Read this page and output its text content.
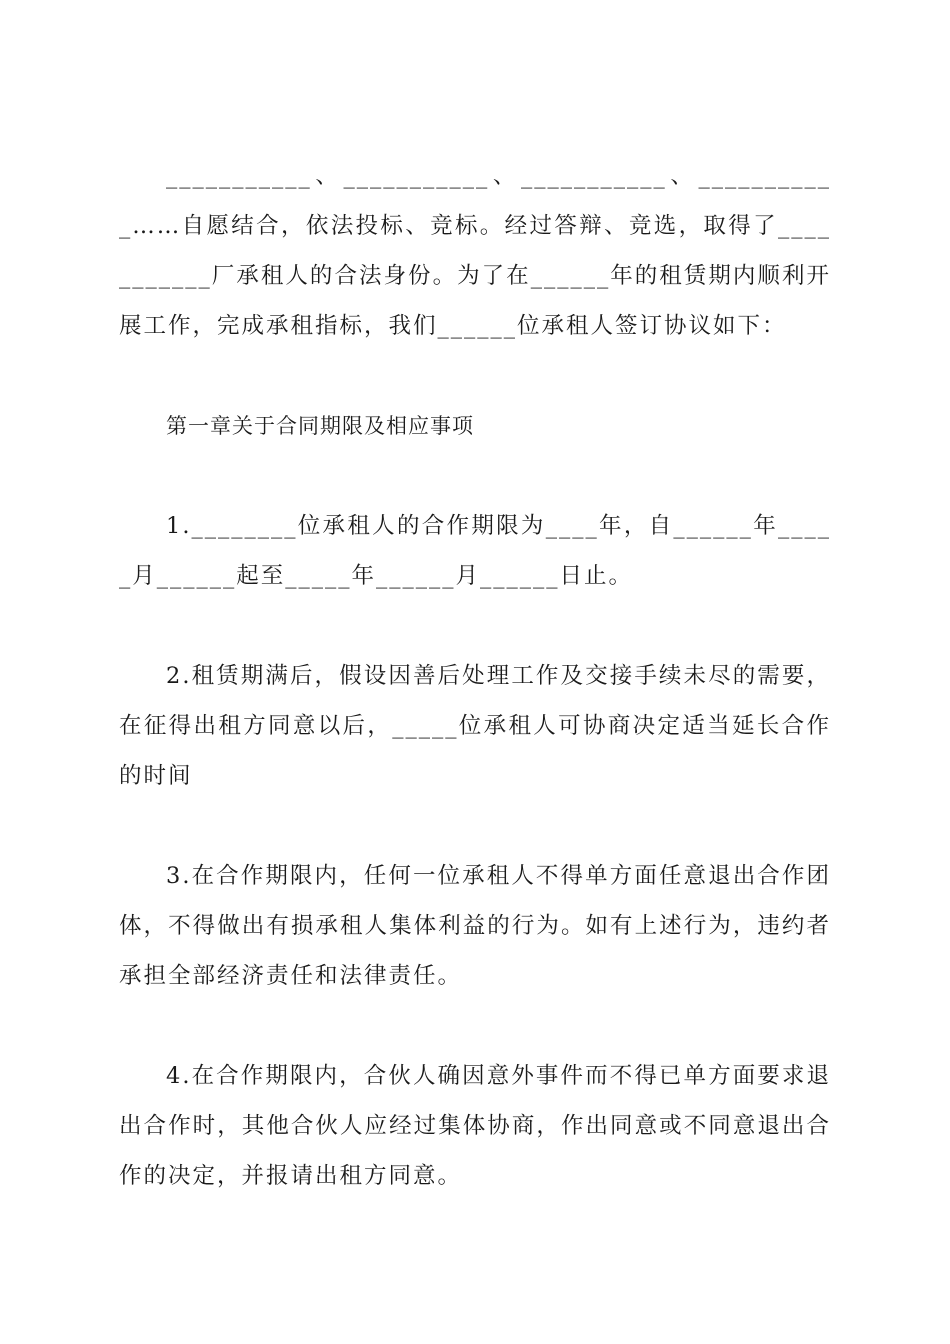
___________、___________、___________、___________……自愿结合，依法投标、竞标。经过答辩、竞选，取得了___________厂承租人的合法身份。为了在______年的租赁期内顺利开展工作，完成承租指标，我们______位承租人签订协议如下：

第一章关于合同期限及相应事项

1.________位承租人的合作期限为____年，自______年_____月______起至_____年______月______日止。

2.租赁期满后，假设因善后处理工作及交接手续未尽的需要，在征得出租方同意以后，_____位承租人可协商决定适当延长合作的时间

3.在合作期限内，任何一位承租人不得单方面任意退出合作团体，不得做出有损承租人集体利益的行为。如有上述行为，违约者承担全部经济责任和法律责任。

4.在合作期限内，合伙人确因意外事件而不得已单方面要求退出合作时，其他合伙人应经过集体协商，作出同意或不同意退出合作的决定，并报请出租方同意。
